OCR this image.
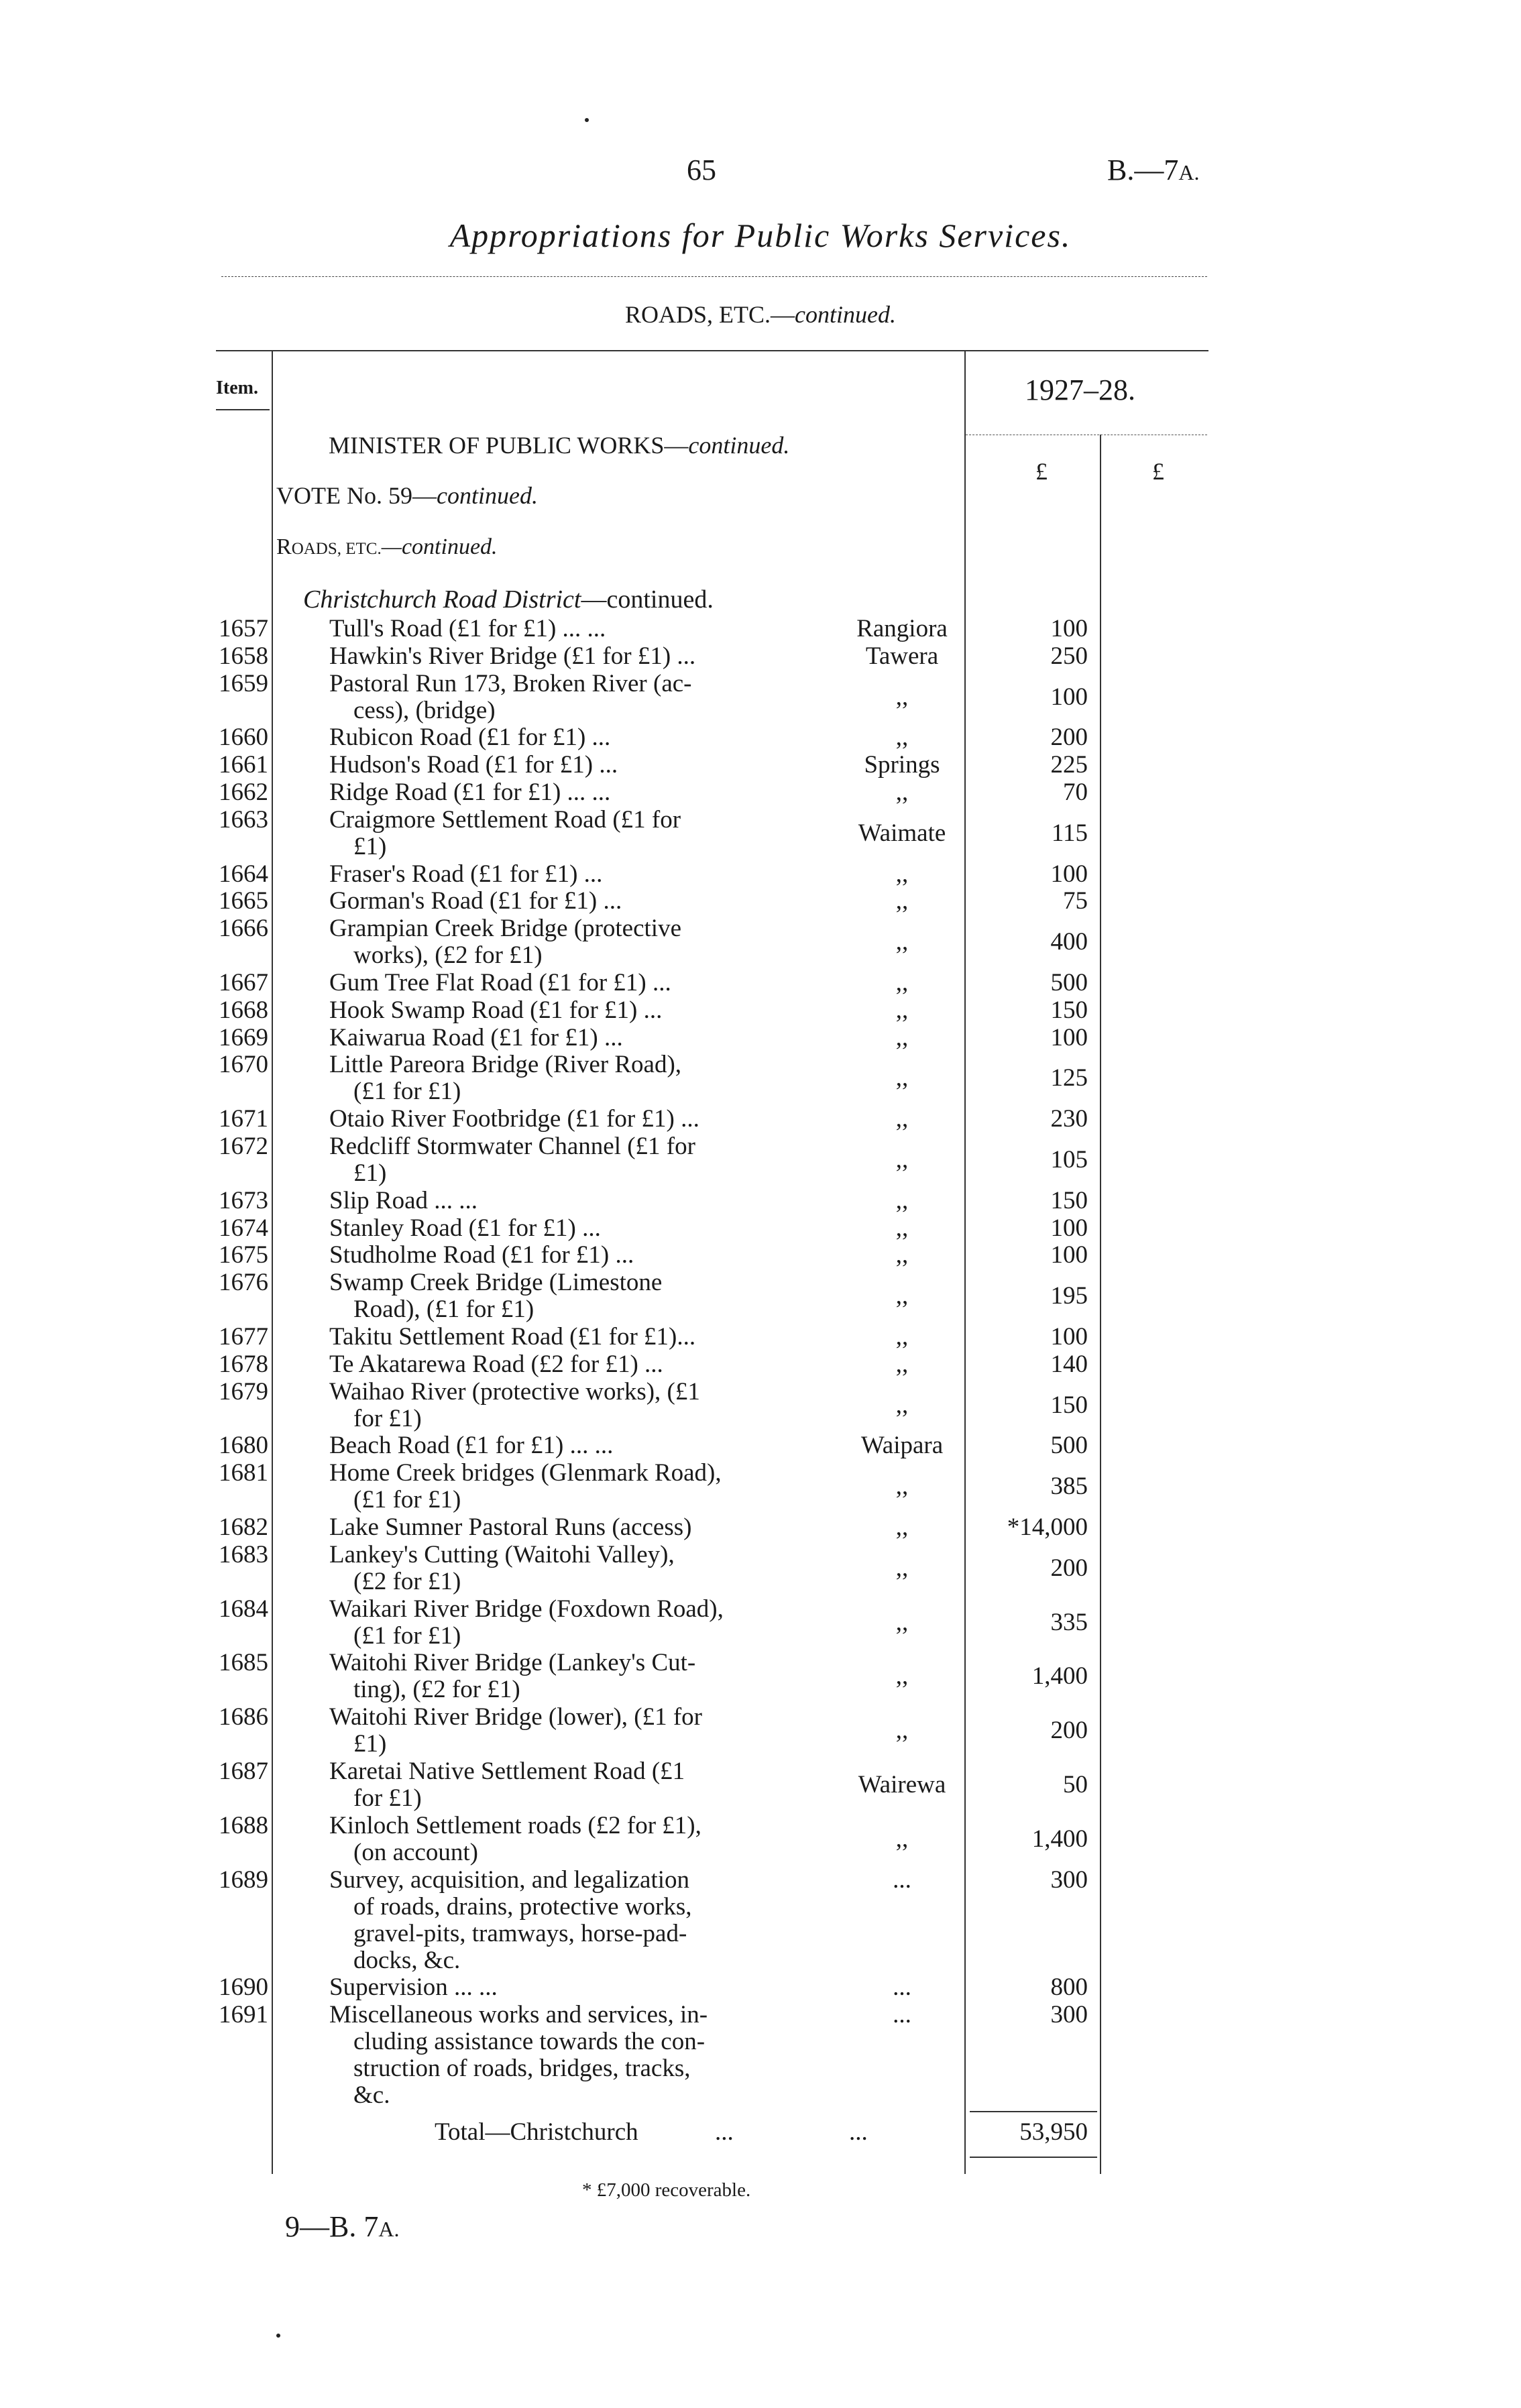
65	B.—7A.
Appropriations for Public Works Services.
ROADS, ETC.—continued.
Item.	1927–28.
£	£
MINISTER OF PUBLIC WORKS—continued.
VOTE No. 59—continued.
ROADS, ETC.—continued.
Christchurch Road District—continued.
1657 Tull's Road (£1 for £1) ... ...	Rangiora	100
1658 Hawkin's River Bridge (£1 for £1) ...	Tawera	250
1659 Pastoral Run 173, Broken River (ac-
cess), (bridge)	,,	100
1660 Rubicon Road (£1 for £1) ...	,,	200
1661 Hudson's Road (£1 for £1) ...	Springs	225
1662 Ridge Road (£1 for £1) ... ...	,,	70
1663 Craigmore Settlement Road (£1 for
£1)	Waimate	115
1664 Fraser's Road (£1 for £1) ...	,,	100
1665 Gorman's Road (£1 for £1) ...	,,	75
1666 Grampian Creek Bridge (protective
works), (£2 for £1)	,,	400
1667 Gum Tree Flat Road (£1 for £1) ...	,,	500
1668 Hook Swamp Road (£1 for £1) ...	,,	150
1669 Kaiwarua Road (£1 for £1) ...	,,	100
1670 Little Pareora Bridge (River Road),
(£1 for £1)	,,	125
1671 Otaio River Footbridge (£1 for £1) ...	,,	230
1672 Redcliff Stormwater Channel (£1 for
£1)	,,	105
1673 Slip Road ... ...	,,	150
1674 Stanley Road (£1 for £1) ...	,,	100
1675 Studholme Road (£1 for £1) ...	,,	100
1676 Swamp Creek Bridge (Limestone
Road), (£1 for £1)	,,	195
1677 Takitu Settlement Road (£1 for £1)...	,,	100
1678 Te Akatarewa Road (£2 for £1) ...	,,	140
1679 Waihao River (protective works), (£1
for £1)	,,	150
1680 Beach Road (£1 for £1) ... ...	Waipara	500
1681 Home Creek bridges (Glenmark Road),
(£1 for £1)	,,	385
1682 Lake Sumner Pastoral Runs (access)	,,	*14,000
1683 Lankey's Cutting (Waitohi Valley),
(£2 for £1)	,,	200
1684 Waikari River Bridge (Foxdown Road),
(£1 for £1)	,,	335
1685 Waitohi River Bridge (Lankey's Cut-
ting), (£2 for £1)	,,	1,400
1686 Waitohi River Bridge (lower), (£1 for
£1)	,,	200
1687 Karetai Native Settlement Road (£1
for £1)	Wairewa	50
1688 Kinloch Settlement roads (£2 for £1),
(on account)	,,	1,400
1689 Survey, acquisition, and legalization
of roads, drains, protective works,
gravel-pits, tramways, horse-pad-
docks, &c.
...	300
1690 Supervision ... ...	...	800
1691 Miscellaneous works and services, in-
cluding assistance towards the con-
struction of roads, bridges, tracks,
&c.
...	300
Total—Christchurch	...	...	53,950
* £7,000 recoverable.
9—B. 7A.
